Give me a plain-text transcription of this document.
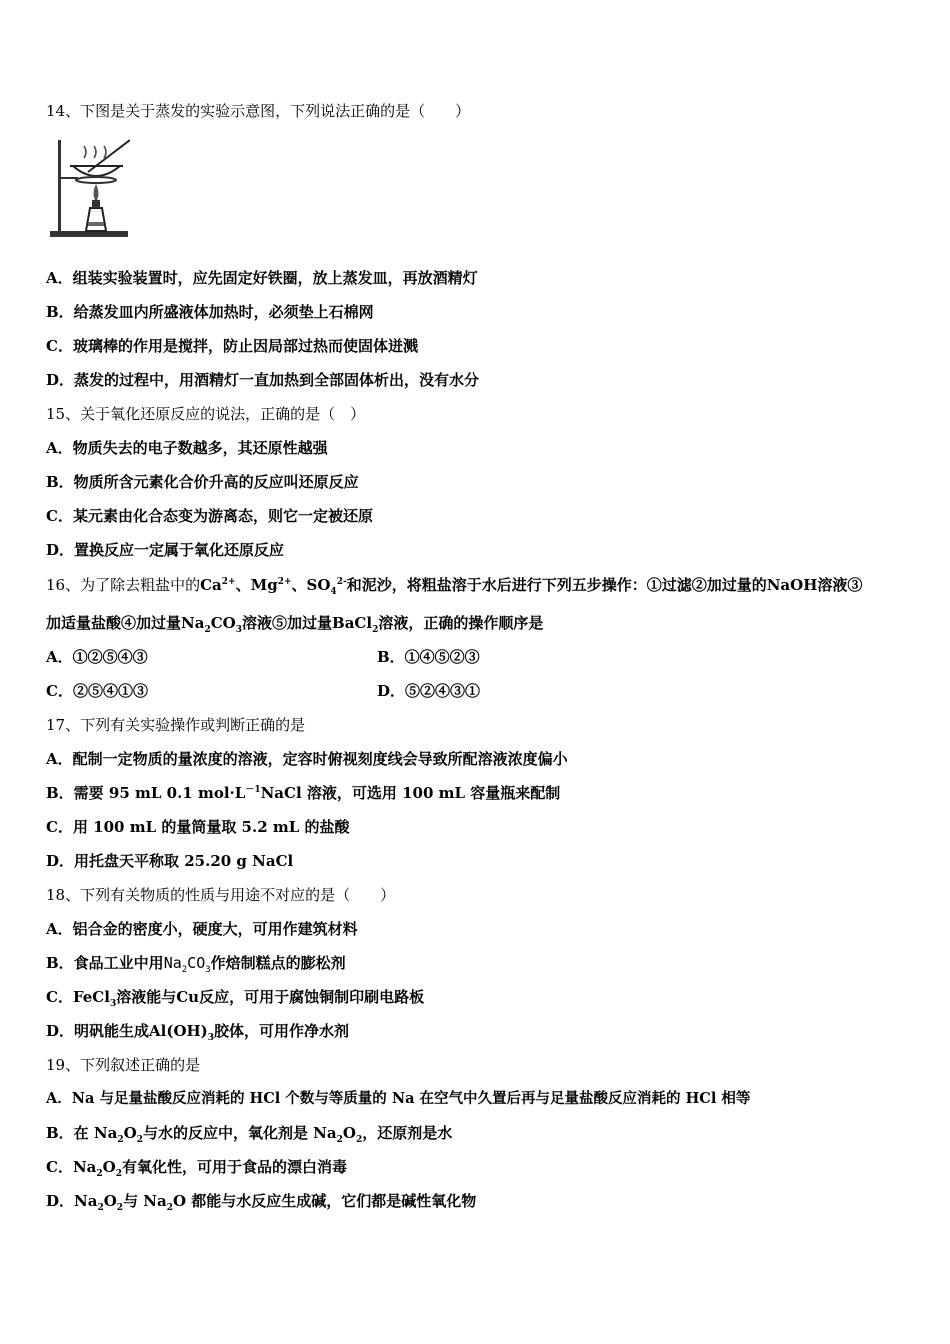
14、下图是关于蒸发的实验示意图，下列说法正确的是（　　）
A．组装实验装置时，应先固定好铁圈，放上蒸发皿，再放酒精灯
B．给蒸发皿内所盛液体加热时，必须垫上石棉网
C．玻璃棒的作用是搅拌，防止因局部过热而使固体迸溅
D．蒸发的过程中，用酒精灯一直加热到全部固体析出，没有水分
15、关于氧化还原反应的说法，正确的是（　）
A．物质失去的电子数越多，其还原性越强
B．物质所含元素化合价升高的反应叫还原反应
C．某元素由化合态变为游离态，则它一定被还原
D．置换反应一定属于氧化还原反应
16、为了除去粗盐中的$Ca^{2+}$、$Mg^{2+}$、$SO_4^{2-}$和泥沙，将粗盐溶于水后进行下列五步操作：①过滤②加过量的NaOH溶液③
加适量盐酸④加过量$Na_2CO_3$溶液⑤加过量BaCl$_2$溶液，正确的操作顺序是
A．①②⑤④③	B．①④⑤②③
C．②⑤④①③	D．⑤②④③①
17、下列有关实验操作或判断正确的是
A．配制一定物质的量浓度的溶液，定容时俯视刻度线会导致所配溶液浓度偏小
B．需要 95 mL 0.1 $mol\cdot L^{-1}NaCl$ 溶液，可选用 100 mL 容量瓶来配制
C．用 100 mL 的量筒量取 5.2 mL 的盐酸
D．用托盘天平称取 25.20 g NaCl
18、下列有关物质的性质与用途不对应的是（　　）
A．铝合金的密度小，硬度大，可用作建筑材料
B．食品工业中用$Na_2CO_3$作焙制糕点的膨松剂
C．FeCl$_3$溶液能与Cu反应，可用于腐蚀铜制印刷电路板
D．明矾能生成$Al(OH)_3$胶体，可用作净水剂
19、下列叙述正确的是
A．Na 与足量盐酸反应消耗的 HCl 个数与等质量的 Na 在空气中久置后再与足量盐酸反应消耗的 HCl 相等
B．在 $Na_2O_2$与水的反应中，氧化剂是 $Na_2O_2$，还原剂是水
C．$Na_2O_2$有氧化性，可用于食品的漂白消毒
D．$Na_2O_2$与 $Na_2O$ 都能与水反应生成碱，它们都是碱性氧化物
